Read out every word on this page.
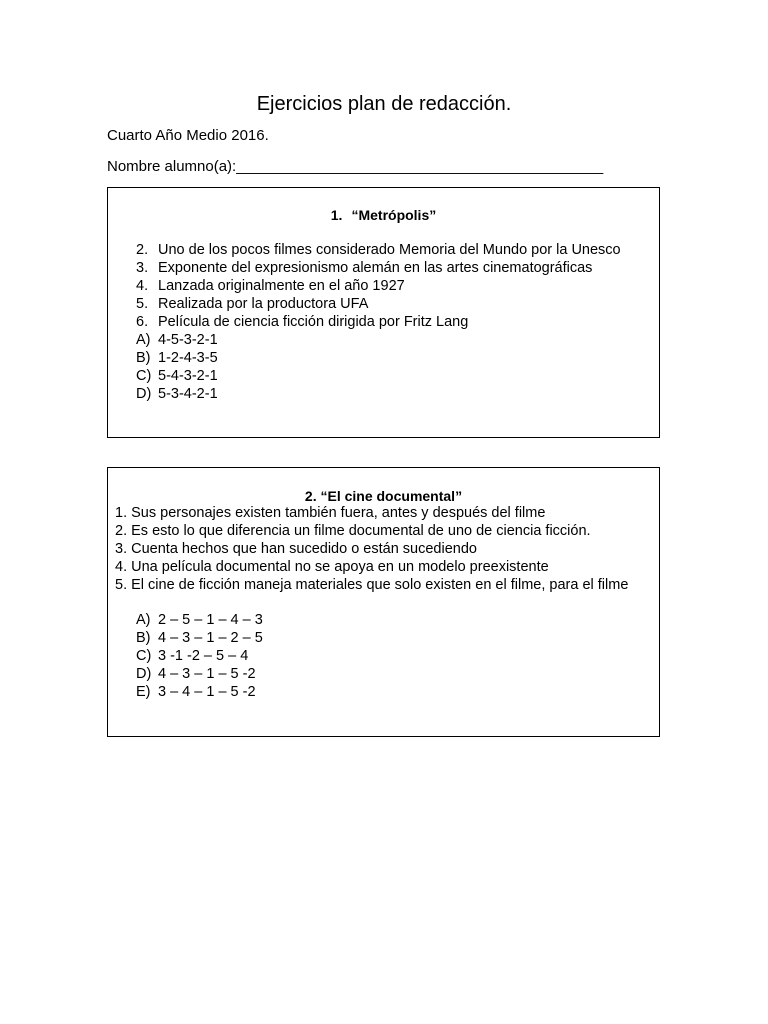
Ejercicios plan de redacción.
Cuarto Año Medio 2016.
Nombre alumno(a):____________________________________________
1. “Metrópolis”
2. Uno de los pocos filmes considerado Memoria del Mundo por la Unesco
3. Exponente del expresionismo alemán en las artes cinematográficas
4. Lanzada originalmente en el año 1927
5. Realizada por la productora UFA
6. Película de ciencia ficción dirigida por Fritz Lang
A) 4-5-3-2-1
B) 1-2-4-3-5
C) 5-4-3-2-1
D) 5-3-4-2-1
2. “El cine documental”
1. Sus personajes existen también fuera, antes y después del filme
2. Es esto lo que diferencia un filme documental de uno de ciencia ficción.
3. Cuenta hechos que han sucedido o están sucediendo
4. Una película documental no se apoya en un modelo preexistente
5. El cine de ficción maneja materiales que solo existen en el filme, para el filme
A) 2 – 5 – 1 – 4 – 3
B) 4 – 3 – 1 – 2 – 5
C) 3 -1 -2 – 5 – 4
D) 4 – 3 – 1 – 5 -2
E) 3 – 4 – 1 – 5 -2
